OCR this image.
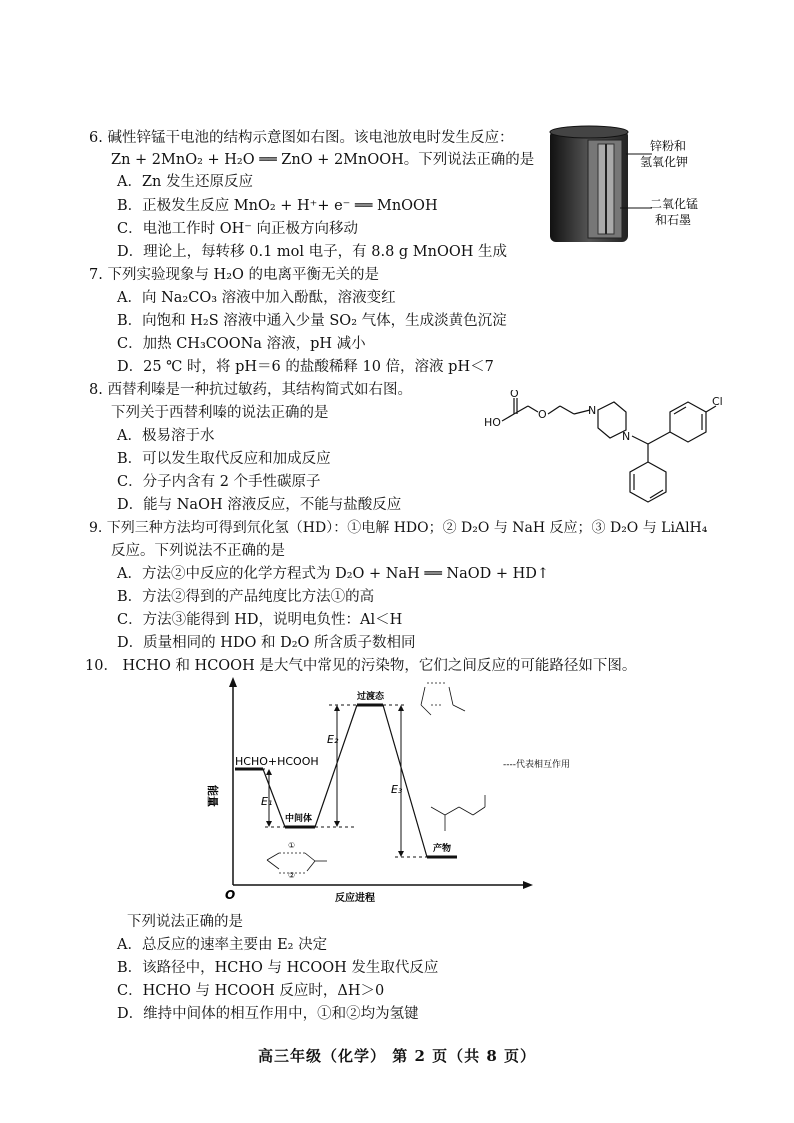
6. 碱性锌锰干电池的结构示意图如右图。该电池放电时发生反应：
Zn + 2MnO₂ + H₂O ══ ZnO + 2MnOOH。下列说法正确的是
A．Zn 发生还原反应
B．正极发生反应 MnO₂ + H⁺+ e⁻ ══ MnOOH
C．电池工作时 OH⁻ 向正极方向移动
D．理论上，每转移 0.1 mol 电子，有 8.8 g MnOOH 生成
锌粉和
氢氧化钾
二氧化锰
和石墨
7. 下列实验现象与 H₂O 的电离平衡无关的是
A．向 Na₂CO₃ 溶液中加入酚酞，溶液变红
B．向饱和 H₂S 溶液中通入少量 SO₂ 气体，生成淡黄色沉淀
C．加热 CH₃COONa 溶液，pH 减小
D．25 ℃ 时，将 pH＝6 的盐酸稀释 10 倍，溶液 pH＜7
8. 西替利嗪是一种抗过敏药，其结构简式如右图。
下列关于西替利嗪的说法正确的是
A．极易溶于水
B．可以发生取代反应和加成反应
C．分子内含有 2 个手性碳原子
D．能与 NaOH 溶液反应，不能与盐酸反应
HO
O
O	N
N
Cl
9. 下列三种方法均可得到氘化氢（HD）：①电解 HDO；② D₂O 与 NaH 反应；③ D₂O 与 LiAlH₄
反应。下列说法不正确的是
A．方法②中反应的化学方程式为 D₂O + NaH ══ NaOD + HD↑
B．方法②得到的产品纯度比方法①的高
C．方法③能得到 HD，说明电负性：Al＜H
D．质量相同的 HDO 和 D₂O 所含质子数相同
10． HCHO 和 HCOOH 是大气中常见的污染物，它们之间反应的可能路径如下图。
能量
O	反应进程
E₁
E₂
E₃
HCHO+HCOOH
中间体
过渡态
产物
----代表相互作用
①
②
下列说法正确的是
A．总反应的速率主要由 E₂ 决定
B．该路径中，HCHO 与 HCOOH 发生取代反应
C．HCHO 与 HCOOH 反应时，ΔH＞0
D．维持中间体的相互作用中，①和②均为氢键
高三年级（化学） 第 2 页（共 8 页）
